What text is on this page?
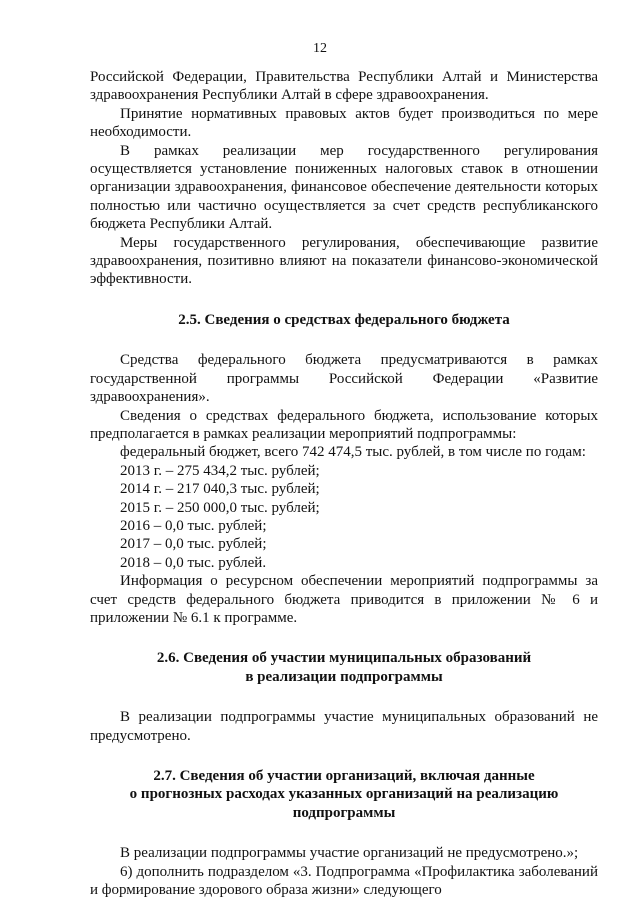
12

Российской Федерации, Правительства Республики Алтай и Министерства здравоохранения Республики Алтай в сфере здравоохранения.

Принятие нормативных правовых актов будет производиться по мере необходимости.

В рамках реализации мер государственного регулирования осуществляется установление пониженных налоговых ставок в отношении организации здравоохранения, финансовое обеспечение деятельности которых полностью или частично осуществляется за счет средств республиканского бюджета Республики Алтай.

Меры государственного регулирования, обеспечивающие развитие здравоохранения, позитивно влияют на показатели финансово-экономической эффективности.

2.5. Сведения о средствах федерального бюджета

Средства федерального бюджета предусматриваются в рамках государственной программы Российской Федерации «Развитие здравоохранения».

Сведения о средствах федерального бюджета, использование которых предполагается в рамках реализации мероприятий подпрограммы:

федеральный бюджет, всего 742 474,5 тыс. рублей, в том числе по годам:

2013 г. – 275 434,2 тыс. рублей;

2014 г. – 217 040,3 тыс. рублей;

2015 г. – 250 000,0 тыс. рублей;

2016 – 0,0 тыс. рублей;

2017 – 0,0 тыс. рублей;

2018 – 0,0 тыс. рублей.

Информация о ресурсном обеспечении мероприятий подпрограммы за счет средств федерального бюджета приводится в приложении № 6 и приложении № 6.1 к программе.

2.6. Сведения об участии муниципальных образований

в реализации подпрограммы

В реализации подпрограммы участие муниципальных образований не предусмотрено.

2.7. Сведения об участии организаций, включая данные

о прогнозных расходах указанных организаций на реализацию

подпрограммы

В реализации подпрограммы участие организаций не предусмотрено.»;

6) дополнить подразделом «3. Подпрограмма «Профилактика заболеваний и формирование здорового образа жизни» следующего
